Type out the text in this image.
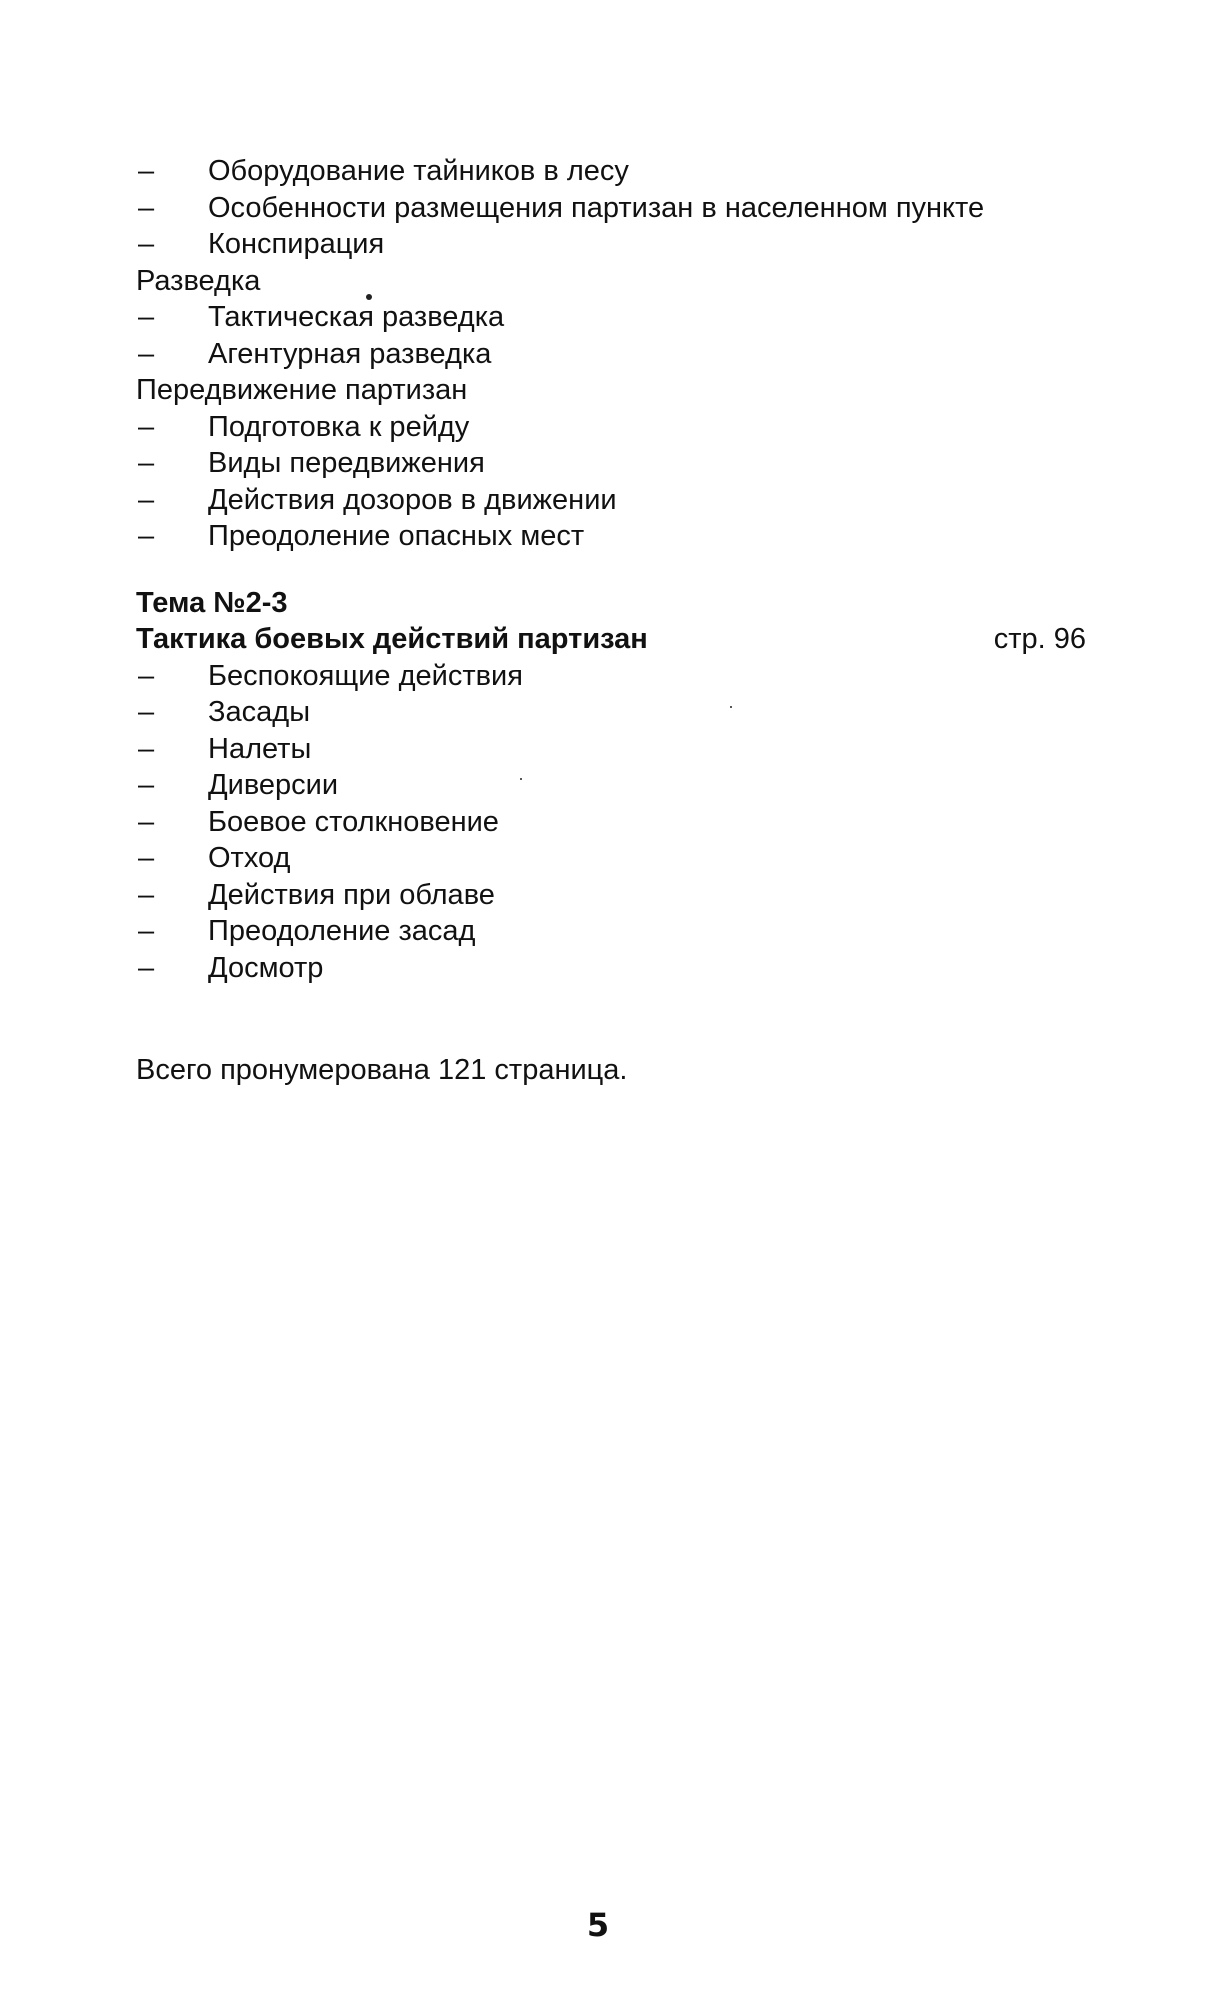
– Оборудование тайников в лесу
– Особенности размещения партизан в населенном пункте
– Конспирация
Разведка
– Тактическая разведка
– Агентурная разведка
Передвижение партизан
– Подготовка к рейду
– Виды передвижения
– Действия дозоров в движении
– Преодоление опасных мест
Тема №2-3
Тактика боевых действий партизан	стр. 96
– Беспокоящие действия
– Засады
– Налеты
– Диверсии
– Боевое столкновение
– Отход
– Действия при облаве
– Преодоление засад
– Досмотр
Всего пронумерована 121 страница.
5
